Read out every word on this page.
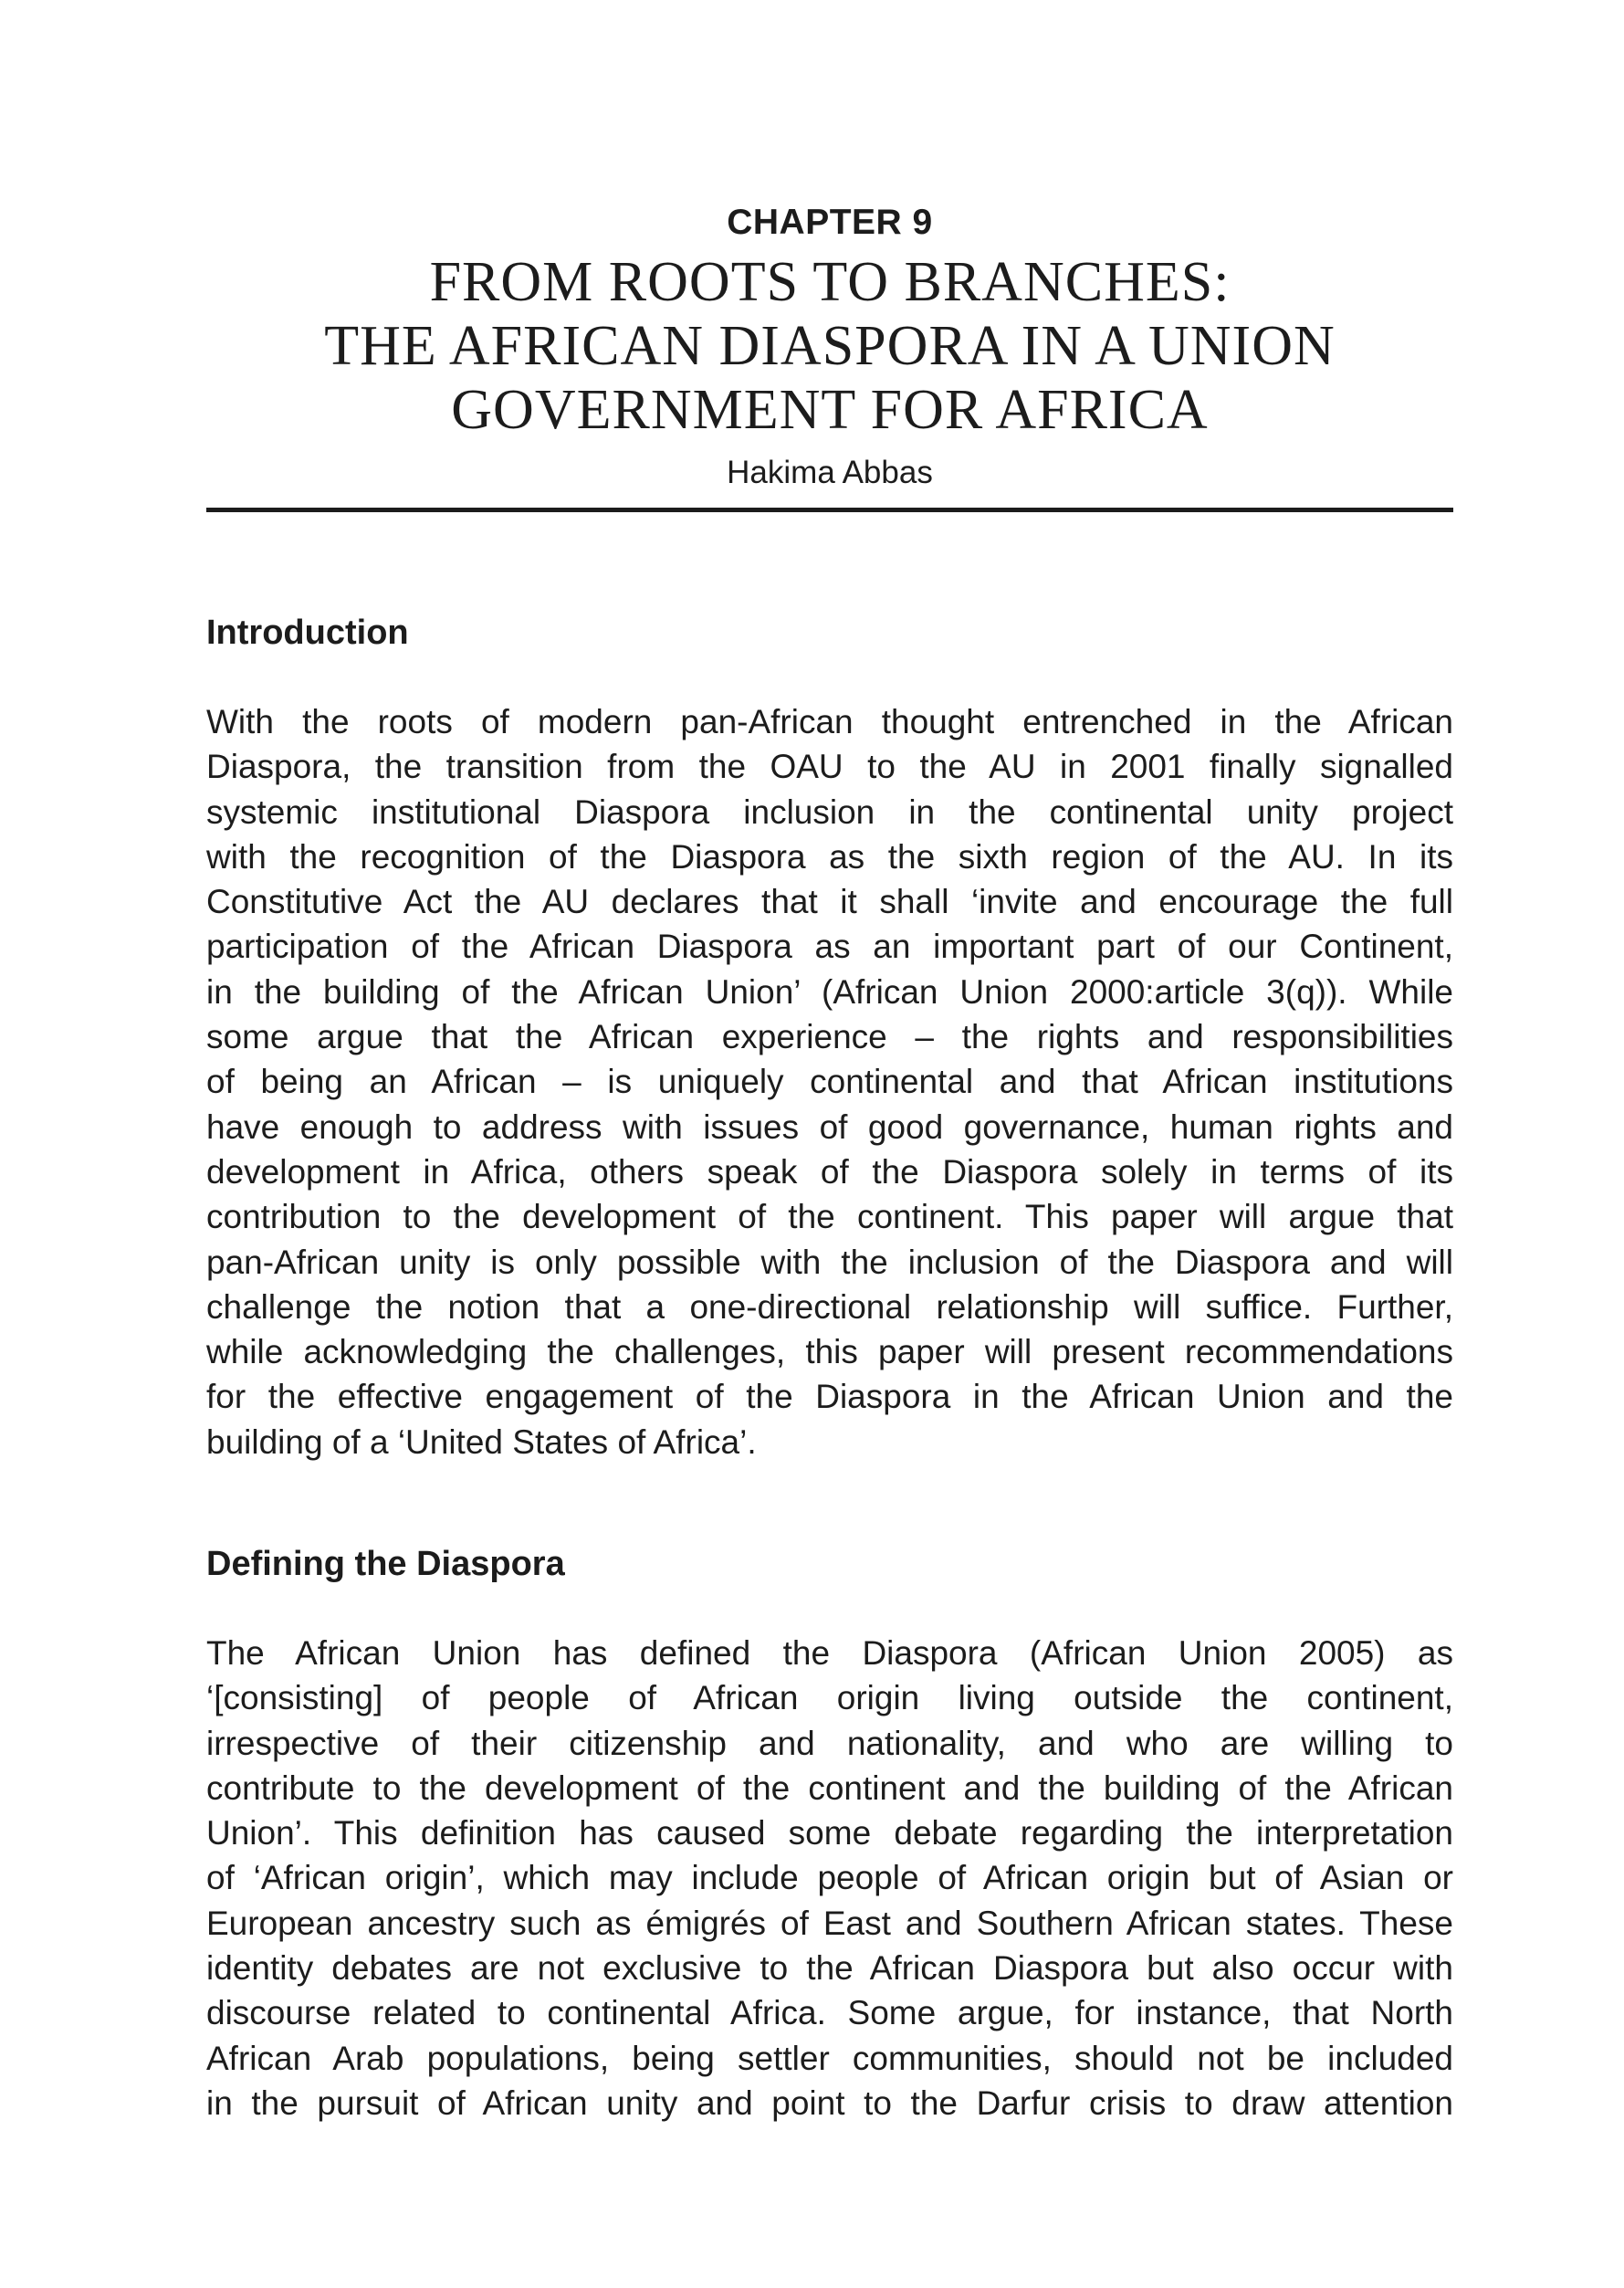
CHAPTER 9
FROM ROOTS TO BRANCHES:
THE AFRICAN DIASPORA IN A UNION
GOVERNMENT FOR AFRICA
Hakima Abbas
Introduction
With the roots of modern pan-African thought entrenched in the African
Diaspora, the transition from the OAU to the AU in 2001 finally signalled
systemic institutional Diaspora inclusion in the continental unity project
with the recognition of the Diaspora as the sixth region of the AU. In its
Constitutive Act the AU declares that it shall ‘invite and encourage the full
participation of the African Diaspora as an important part of our Continent,
in the building of the African Union’ (African Union 2000:article 3(q)). While
some argue that the African experience – the rights and responsibilities
of being an African – is uniquely continental and that African institutions
have enough to address with issues of good governance, human rights and
development in Africa, others speak of the Diaspora solely in terms of its
contribution to the development of the continent. This paper will argue that
pan-African unity is only possible with the inclusion of the Diaspora and will
challenge the notion that a one-directional relationship will suffice. Further,
while acknowledging the challenges, this paper will present recommendations
for the effective engagement of the Diaspora in the African Union and the
building of a ‘United States of Africa’.
Defining the Diaspora
The African Union has defined the Diaspora (African Union 2005) as
‘[consisting] of people of African origin living outside the continent,
irrespective of their citizenship and nationality, and who are willing to
contribute to the development of the continent and the building of the African
Union’. This definition has caused some debate regarding the interpretation
of ‘African origin’, which may include people of African origin but of Asian or
European ancestry such as émigrés of East and Southern African states. These
identity debates are not exclusive to the African Diaspora but also occur with
discourse related to continental Africa. Some argue, for instance, that North
African Arab populations, being settler communities, should not be included
in the pursuit of African unity and point to the Darfur crisis to draw attention
